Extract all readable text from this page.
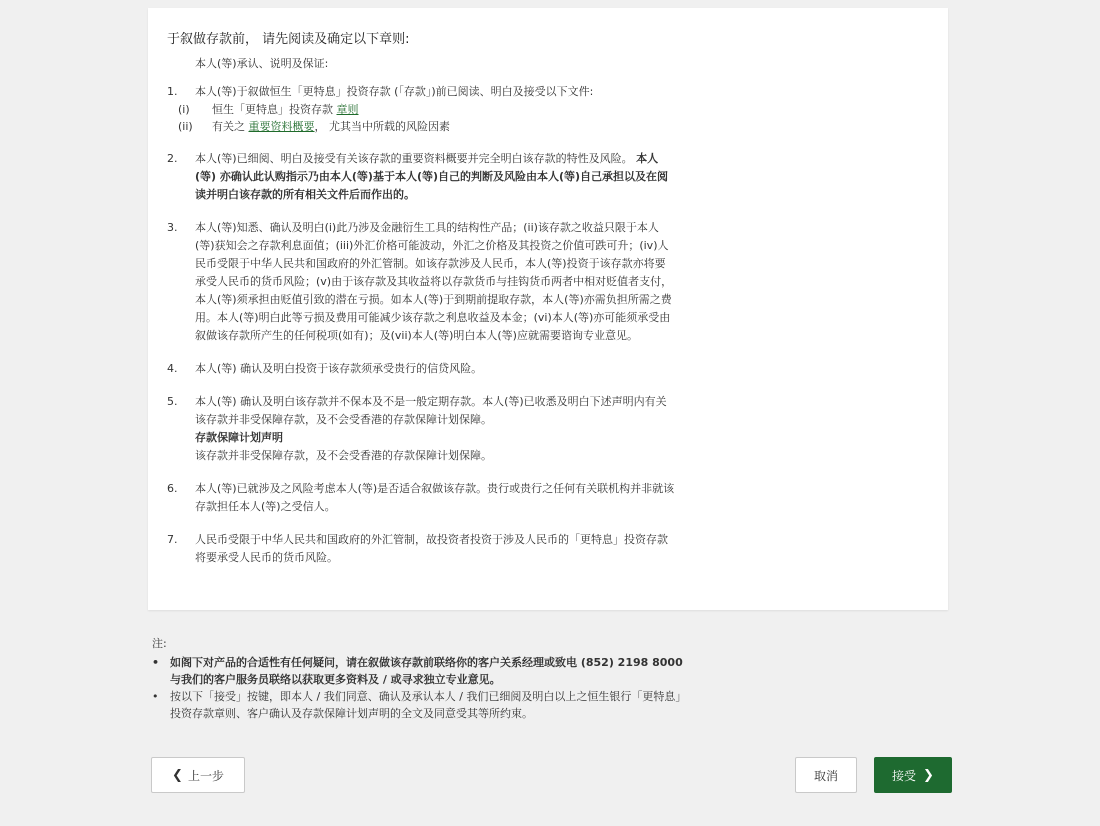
于叙做存款前， 请先阅读及确定以下章则:
本人(等)承认、说明及保证:
1. 本人(等)于叙做恒生「更特息」投资存款 (「存款」)前已阅读、明白及接受以下文件:
(i) 恒生「更特息」投资存款 章则
(ii) 有关之 重要资料概要， 尤其当中所载的风险因素
2. 本人(等)已细阅、明白及接受有关该存款的重要资料概要并完全明白该存款的特性及风险。 本人 (等) 亦确认此认购指示乃由本人(等)基于本人(等)自己的判断及风险由本人(等)自己承担以及在阅读并明白该存款的所有相关文件后而作出的。
3. 本人(等)知悉、确认及明白(i)此乃涉及金融衍生工具的结构性产品；(ii)该存款之收益只限于本人(等)获知会之存款利息面值；(iii)外汇价格可能波动，外汇之价格及其投资之价值可跌可升；(iv)人民币受限于中华人民共和国政府的外汇管制。如该存款涉及人民币，本人(等)投资于该存款亦将要承受人民币的货币风险；(v)由于该存款及其收益将以存款货币与挂钩货币两者中相对贬值者支付，本人(等)须承担由贬值引致的潜在亏损。如本人(等)于到期前提取存款，本人(等)亦需负担所需之费用。本人(等)明白此等亏损及费用可能减少该存款之利息收益及本金；(vi)本人(等)亦可能须承受由叙做该存款所产生的任何税项(如有)；及(vii)本人(等)明白本人(等)应就需要谘询专业意见。
4. 本人(等) 确认及明白投资于该存款须承受贵行的信贷风险。
5. 本人(等) 确认及明白该存款并不保本及不是一般定期存款。本人(等)已收悉及明白下述声明内有关该存款并非受保障存款，及不会受香港的存款保障计划保障。
存款保障计划声明
该存款并非受保障存款，及不会受香港的存款保障计划保障。
6. 本人(等)已就涉及之风险考虑本人(等)是否适合叙做该存款。贵行或贵行之任何有关联机构并非就该存款担任本人(等)之受信人。
7. 人民币受限于中华人民共和国政府的外汇管制，故投资者投资于涉及人民币的「更特息」投资存款将要承受人民币的货币风险。
注:
• 如阁下对产品的合适性有任何疑问，请在叙做该存款前联络你的客户关系经理或致电 (852) 2198 8000 与我们的客户服务员联络以获取更多资料及 / 或寻求独立专业意见。
• 按以下「接受」按键，即本人 / 我们同意、确认及承认本人 / 我们已细阅及明白以上之恒生银行「更特息」投资存款章则、客户确认及存款保障计划声明的全文及同意受其等所约束。
❮ 上一步	取消	接受 ❯
